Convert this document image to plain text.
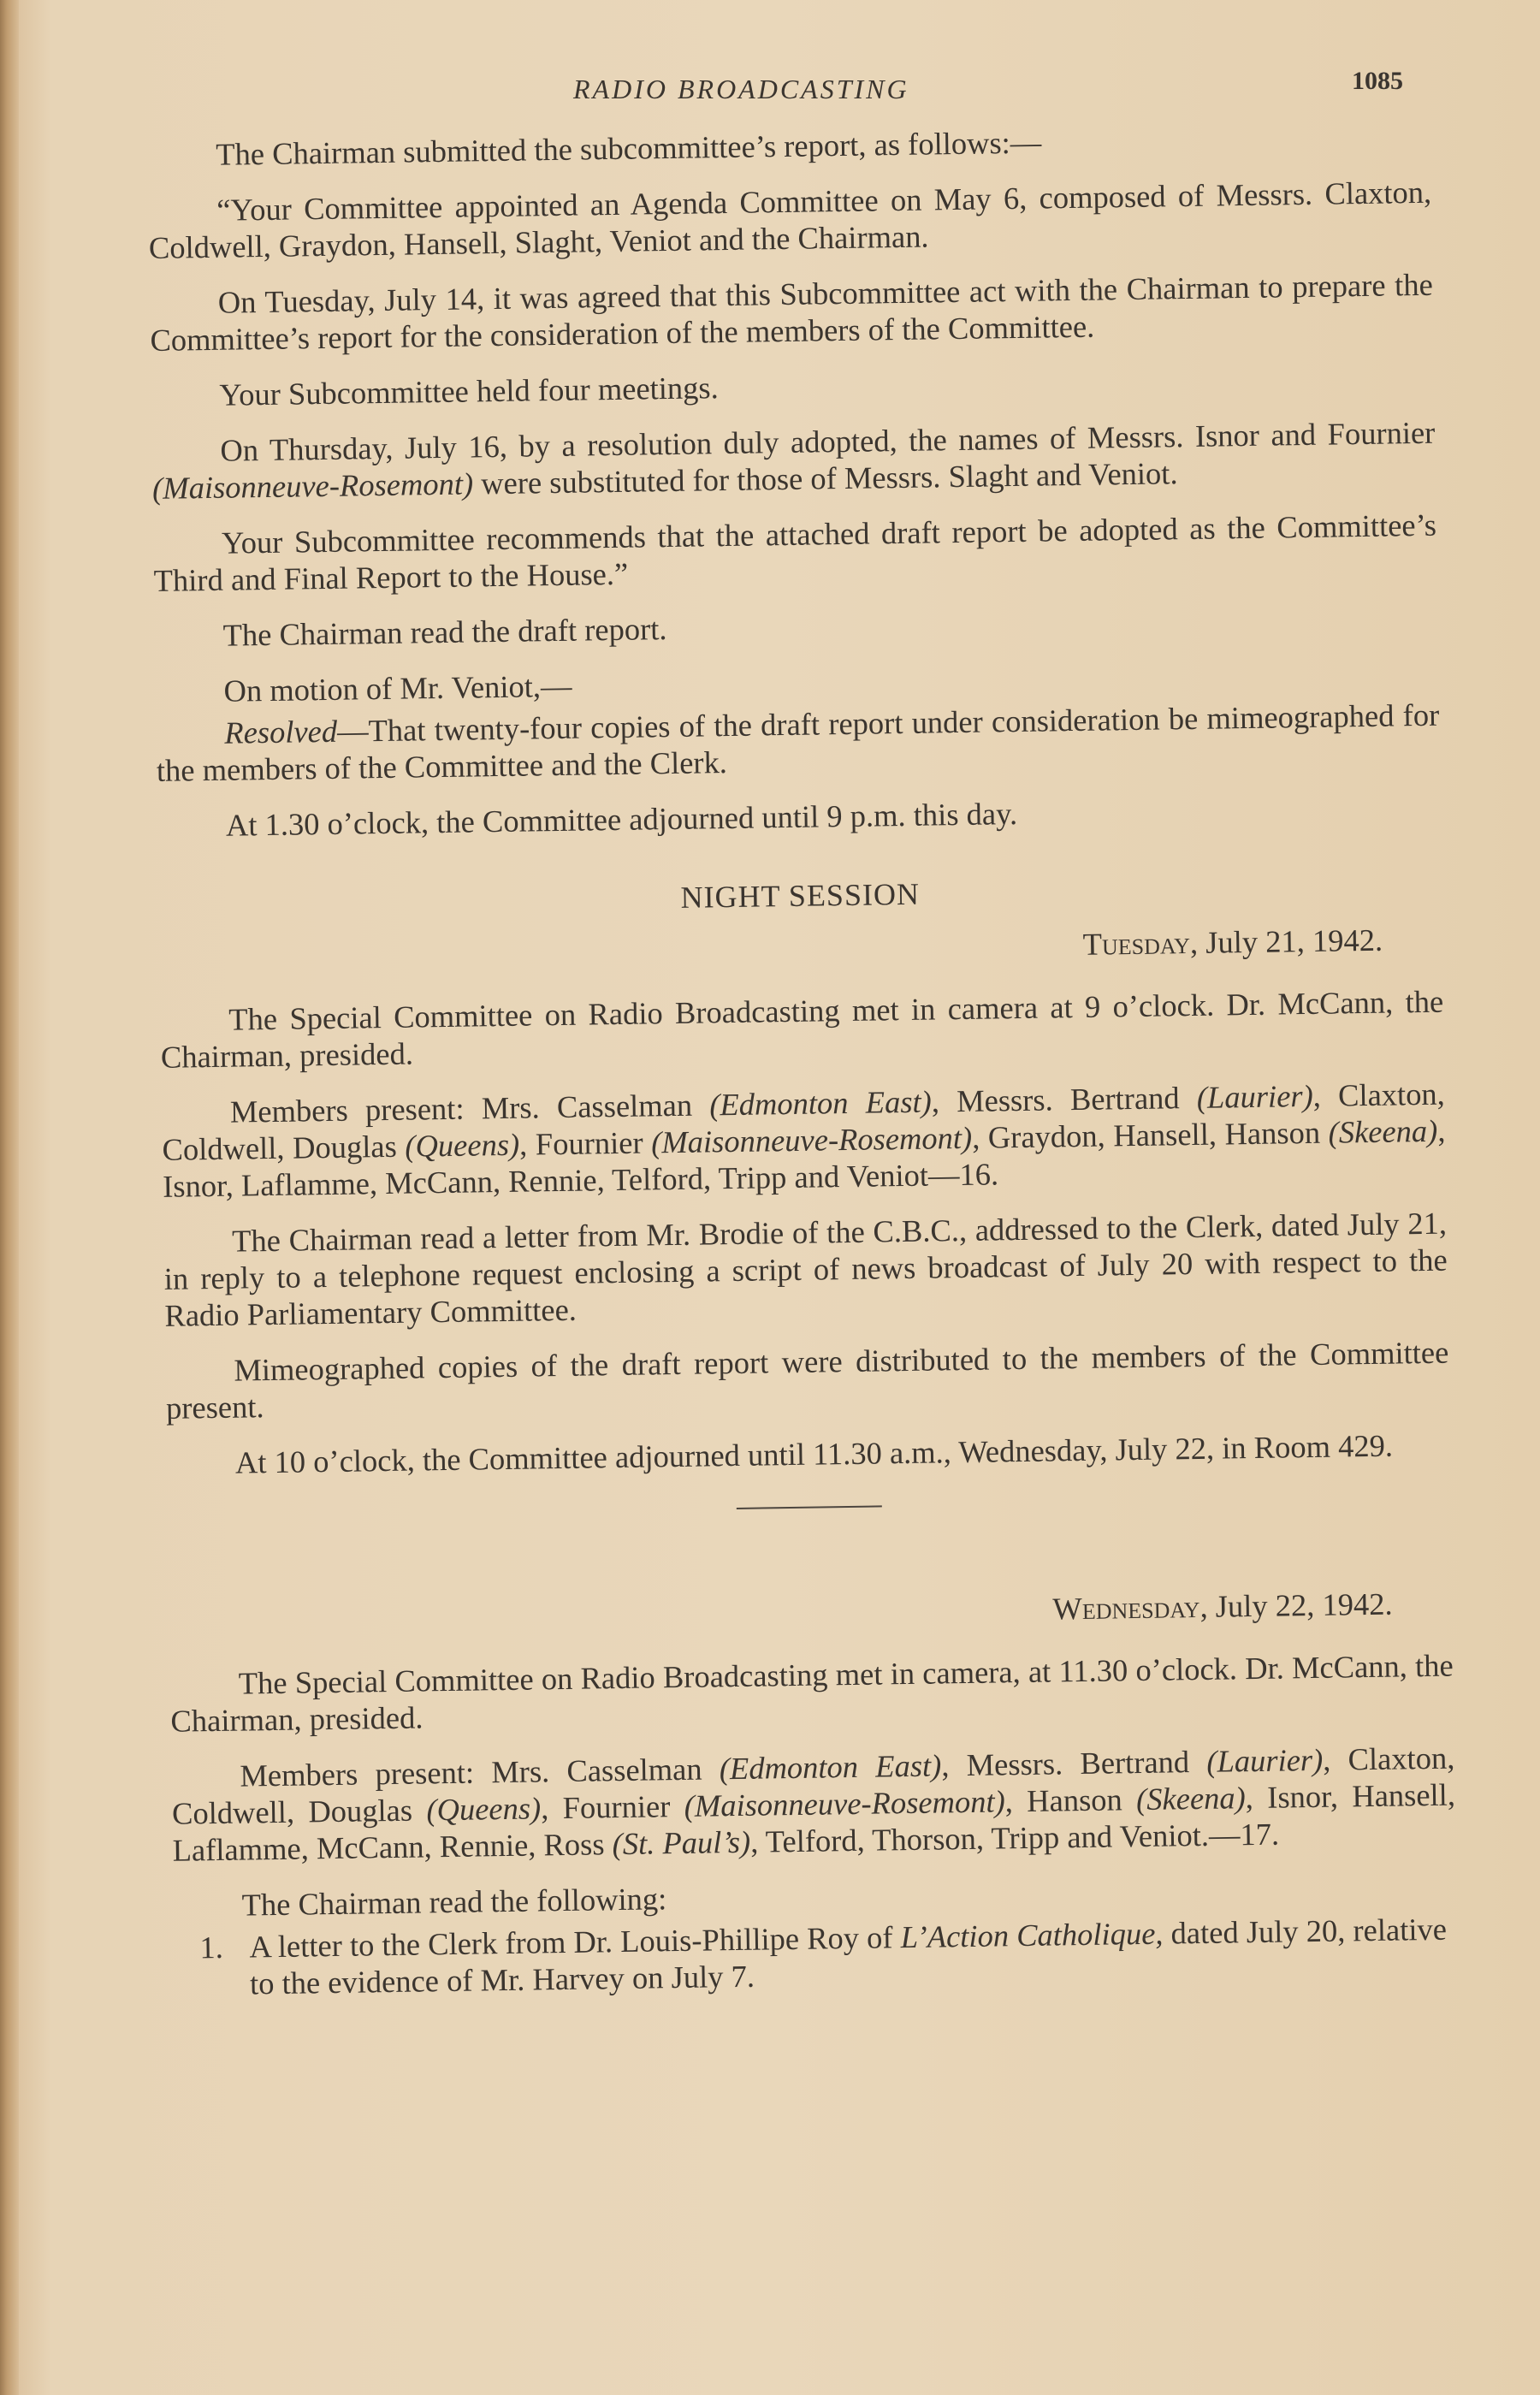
RADIO BROADCASTING	1085

The Chairman submitted the subcommittee’s report, as follows:—

“Your Committee appointed an Agenda Committee on May 6, composed of Messrs. Claxton, Coldwell, Graydon, Hansell, Slaght, Veniot and the Chairman.

On Tuesday, July 14, it was agreed that this Subcommittee act with the Chairman to prepare the Committee’s report for the consideration of the members of the Committee.

Your Subcommittee held four meetings.

On Thursday, July 16, by a resolution duly adopted, the names of Messrs. Isnor and Fournier (Maisonneuve-Rosemont) were substituted for those of Messrs. Slaght and Veniot.

Your Subcommittee recommends that the attached draft report be adopted as the Committee’s Third and Final Report to the House.”

The Chairman read the draft report.

On motion of Mr. Veniot,—

Resolved—That twenty-four copies of the draft report under consideration be mimeographed for the members of the Committee and the Clerk.

At 1.30 o’clock, the Committee adjourned until 9 p.m. this day.

NIGHT SESSION
Tuesday, July 21, 1942.

The Special Committee on Radio Broadcasting met in camera at 9 o’clock. Dr. McCann, the Chairman, presided.

Members present: Mrs. Casselman (Edmonton East), Messrs. Bertrand (Laurier), Claxton, Coldwell, Douglas (Queens), Fournier (Maisonneuve-Rosemont), Graydon, Hansell, Hanson (Skeena), Isnor, Laflamme, McCann, Rennie, Telford, Tripp and Veniot—16.

The Chairman read a letter from Mr. Brodie of the C.B.C., addressed to the Clerk, dated July 21, in reply to a telephone request enclosing a script of news broadcast of July 20 with respect to the Radio Parliamentary Committee.

Mimeographed copies of the draft report were distributed to the members of the Committee present.

At 10 o’clock, the Committee adjourned until 11.30 a.m., Wednesday, July 22, in Room 429.

Wednesday, July 22, 1942.

The Special Committee on Radio Broadcasting met in camera, at 11.30 o’clock. Dr. McCann, the Chairman, presided.

Members present: Mrs. Casselman (Edmonton East), Messrs. Bertrand (Laurier), Claxton, Coldwell, Douglas (Queens), Fournier (Maisonneuve-Rosemont), Hanson (Skeena), Isnor, Hansell, Laflamme, McCann, Rennie, Ross (St. Paul’s), Telford, Thorson, Tripp and Veniot.—17.

The Chairman read the following:

1. A letter to the Clerk from Dr. Louis-Phillipe Roy of L’Action Catholique, dated July 20, relative to the evidence of Mr. Harvey on July 7.
